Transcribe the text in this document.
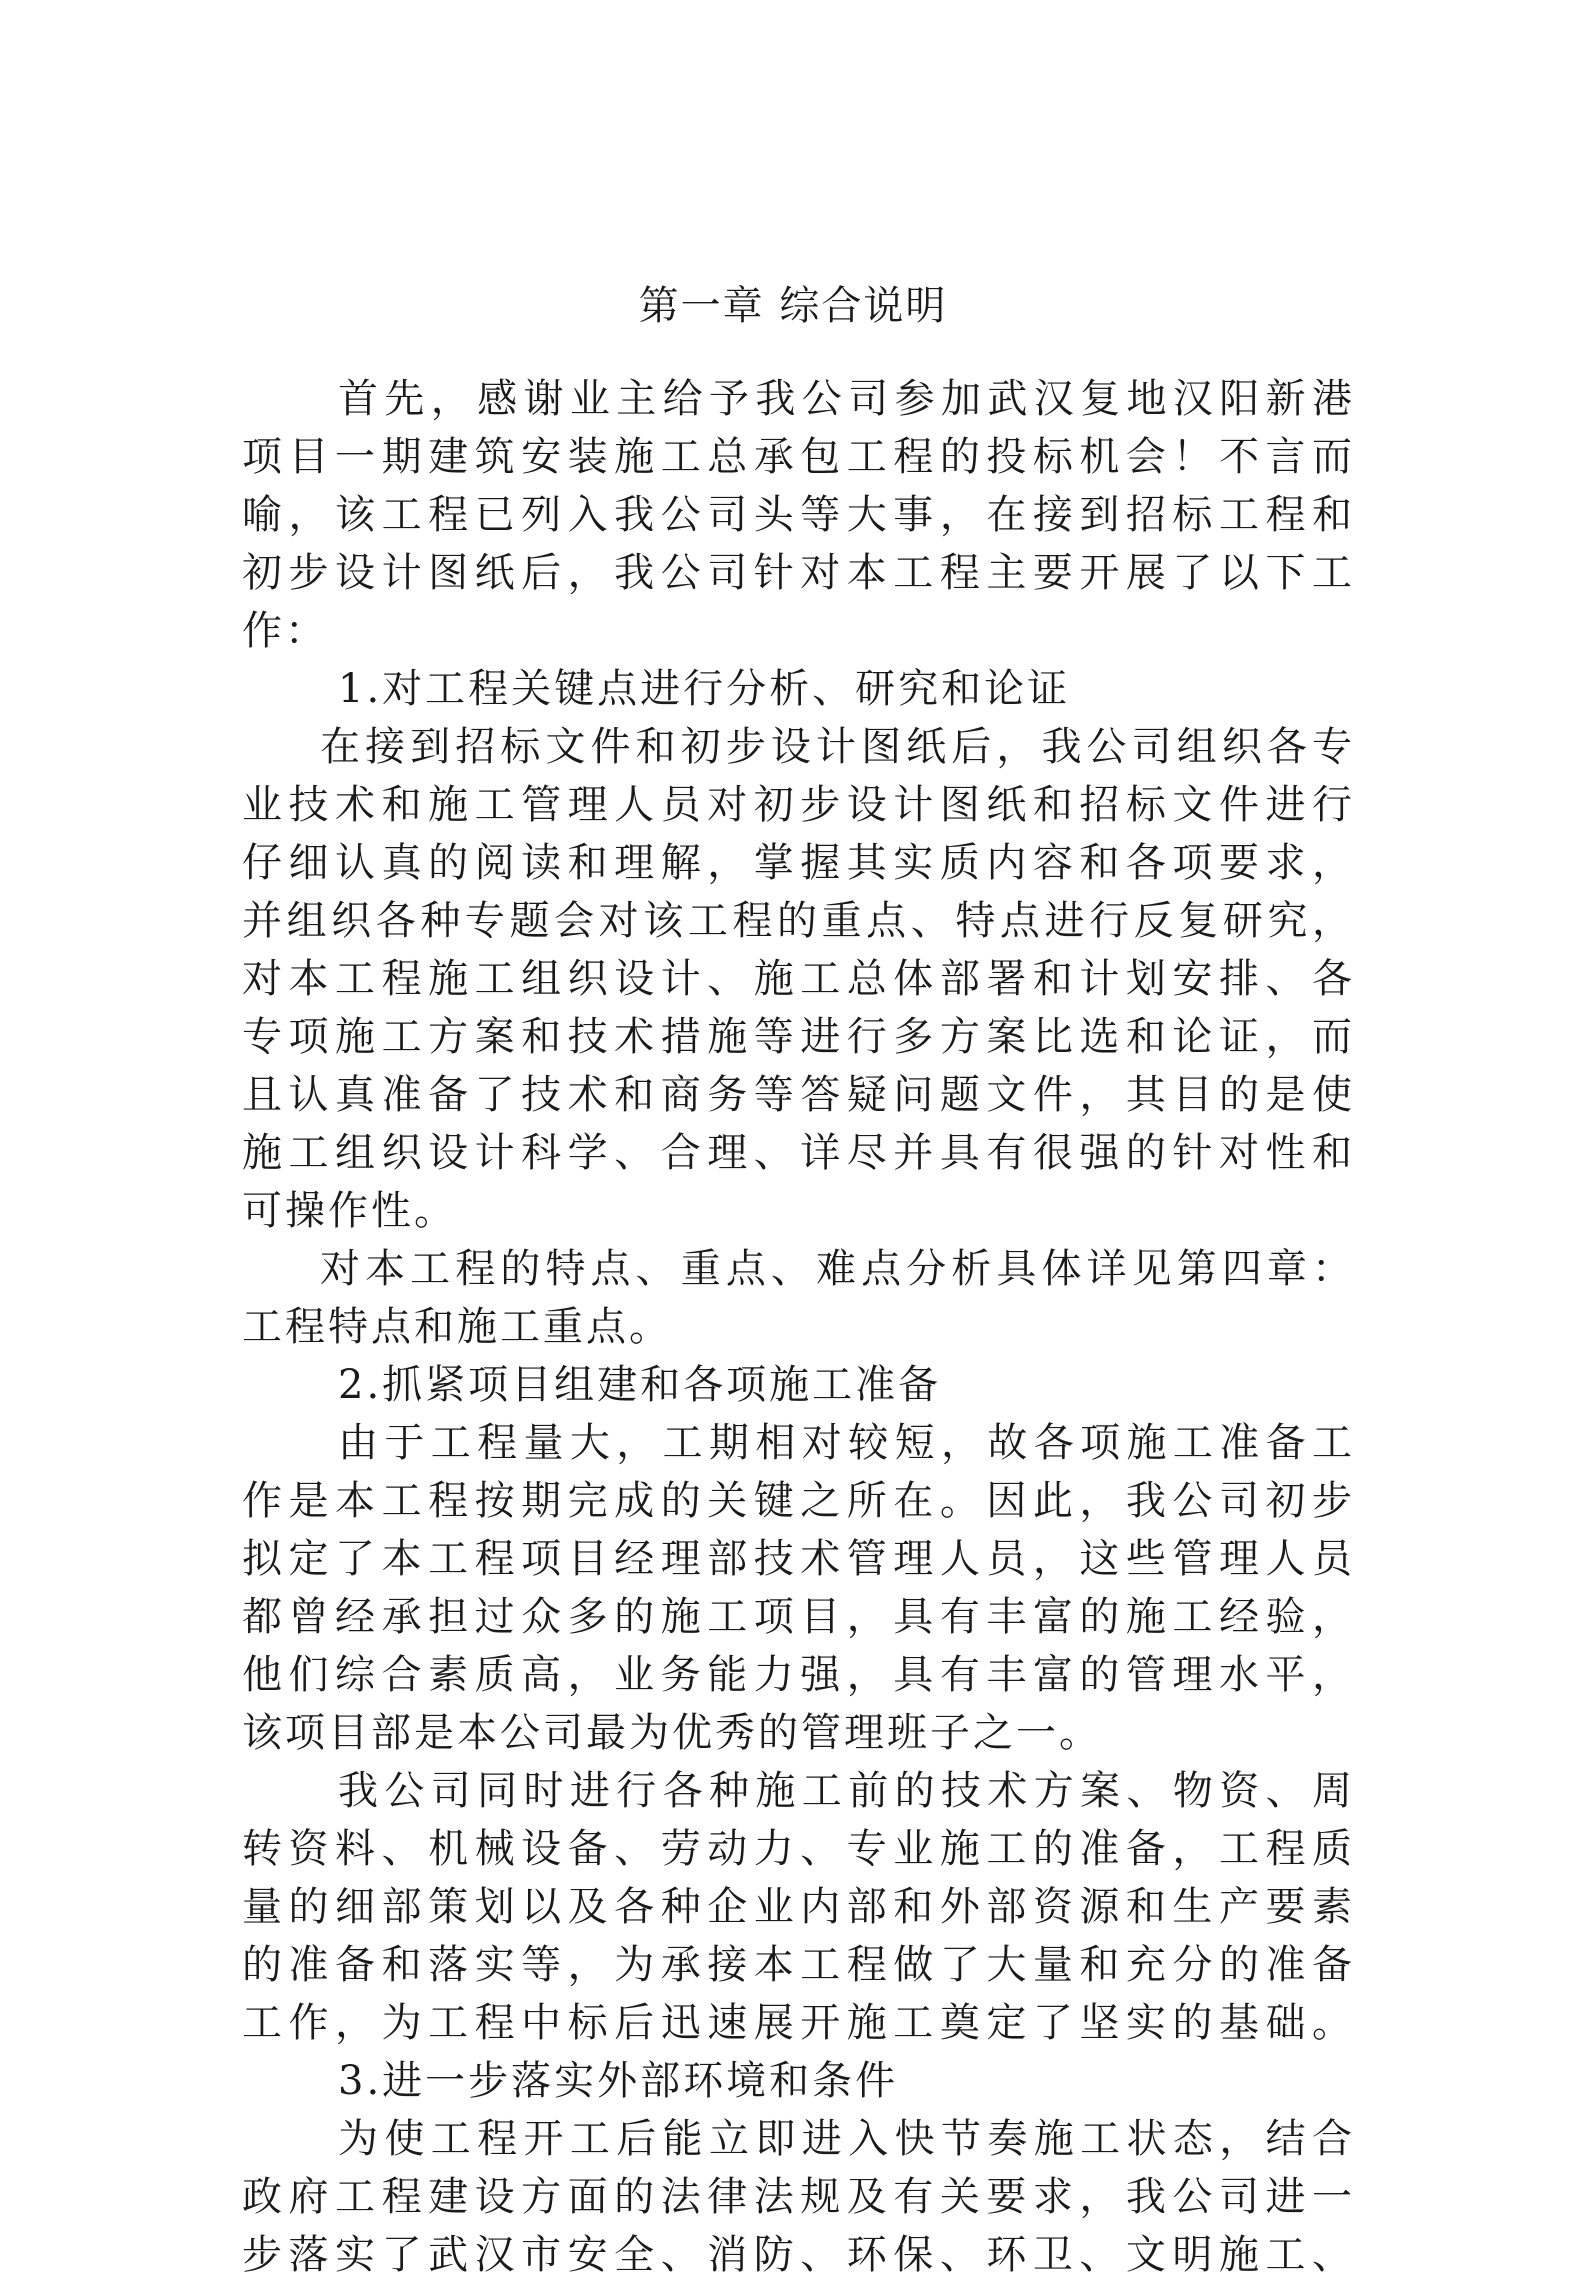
第一章 综合说明
首先，感谢业主给予我公司参加武汉复地汉阳新港
项目一期建筑安装施工总承包工程的投标机会！不言而
喻，该工程已列入我公司头等大事，在接到招标工程和
初步设计图纸后，我公司针对本工程主要开展了以下工
作：
1.对工程关键点进行分析、研究和论证
在接到招标文件和初步设计图纸后，我公司组织各专
业技术和施工管理人员对初步设计图纸和招标文件进行
仔细认真的阅读和理解，掌握其实质内容和各项要求，
并组织各种专题会对该工程的重点、特点进行反复研究，
对本工程施工组织设计、施工总体部署和计划安排、各
专项施工方案和技术措施等进行多方案比选和论证，而
且认真准备了技术和商务等答疑问题文件，其目的是使
施工组织设计科学、合理、详尽并具有很强的针对性和
可操作性。
对本工程的特点、重点、难点分析具体详见第四章：
工程特点和施工重点。
2.抓紧项目组建和各项施工准备
由于工程量大，工期相对较短，故各项施工准备工
作是本工程按期完成的关键之所在。因此，我公司初步
拟定了本工程项目经理部技术管理人员，这些管理人员
都曾经承担过众多的施工项目，具有丰富的施工经验，
他们综合素质高，业务能力强，具有丰富的管理水平，
该项目部是本公司最为优秀的管理班子之一。
我公司同时进行各种施工前的技术方案、物资、周
转资料、机械设备、劳动力、专业施工的准备，工程质
量的细部策划以及各种企业内部和外部资源和生产要素
的准备和落实等，为承接本工程做了大量和充分的准备
工作，为工程中标后迅速展开施工奠定了坚实的基础。
3.进一步落实外部环境和条件
为使工程开工后能立即进入快节奏施工状态，结合
政府工程建设方面的法律法规及有关要求，我公司进一
步落实了武汉市安全、消防、环保、环卫、文明施工、
